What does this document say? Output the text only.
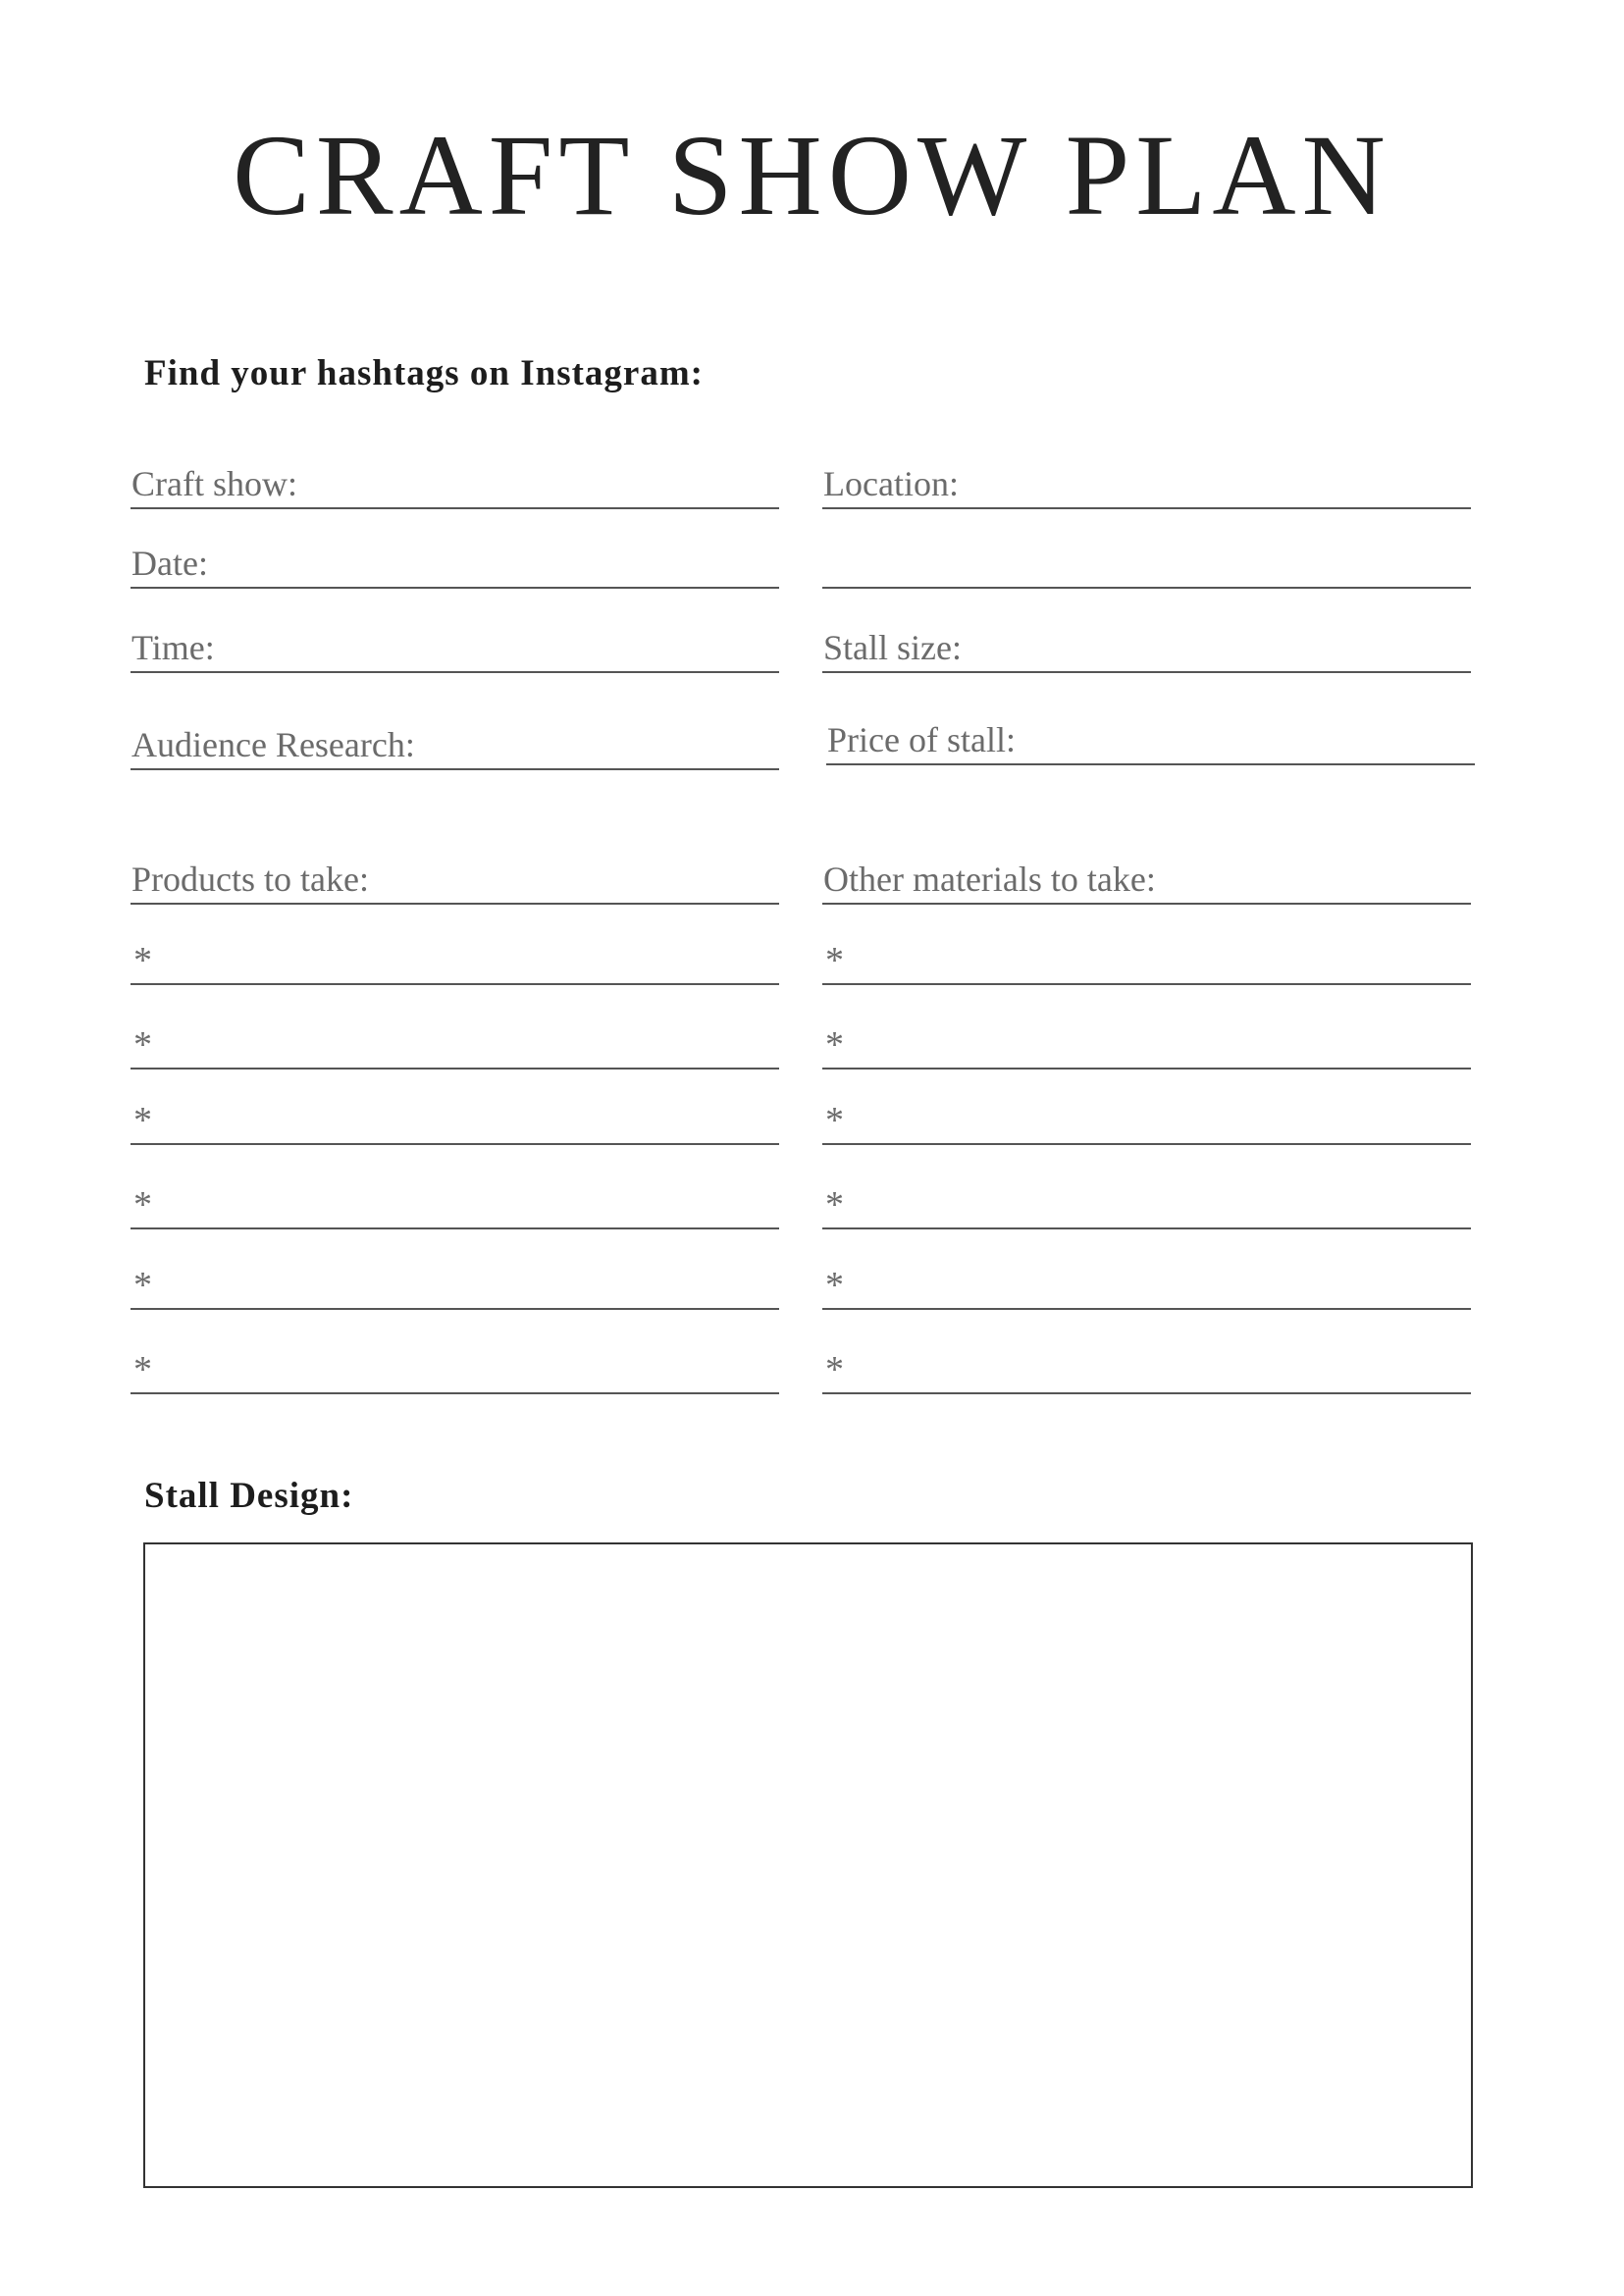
CRAFT SHOW PLAN
Find your hashtags on Instagram:
Craft show:
Date:
Time:
Audience Research:
Location:
Stall size:
Price of stall:
Products to take:
*
*
*
*
*
*
Other materials to take:
*
*
*
*
*
*
Stall Design:
